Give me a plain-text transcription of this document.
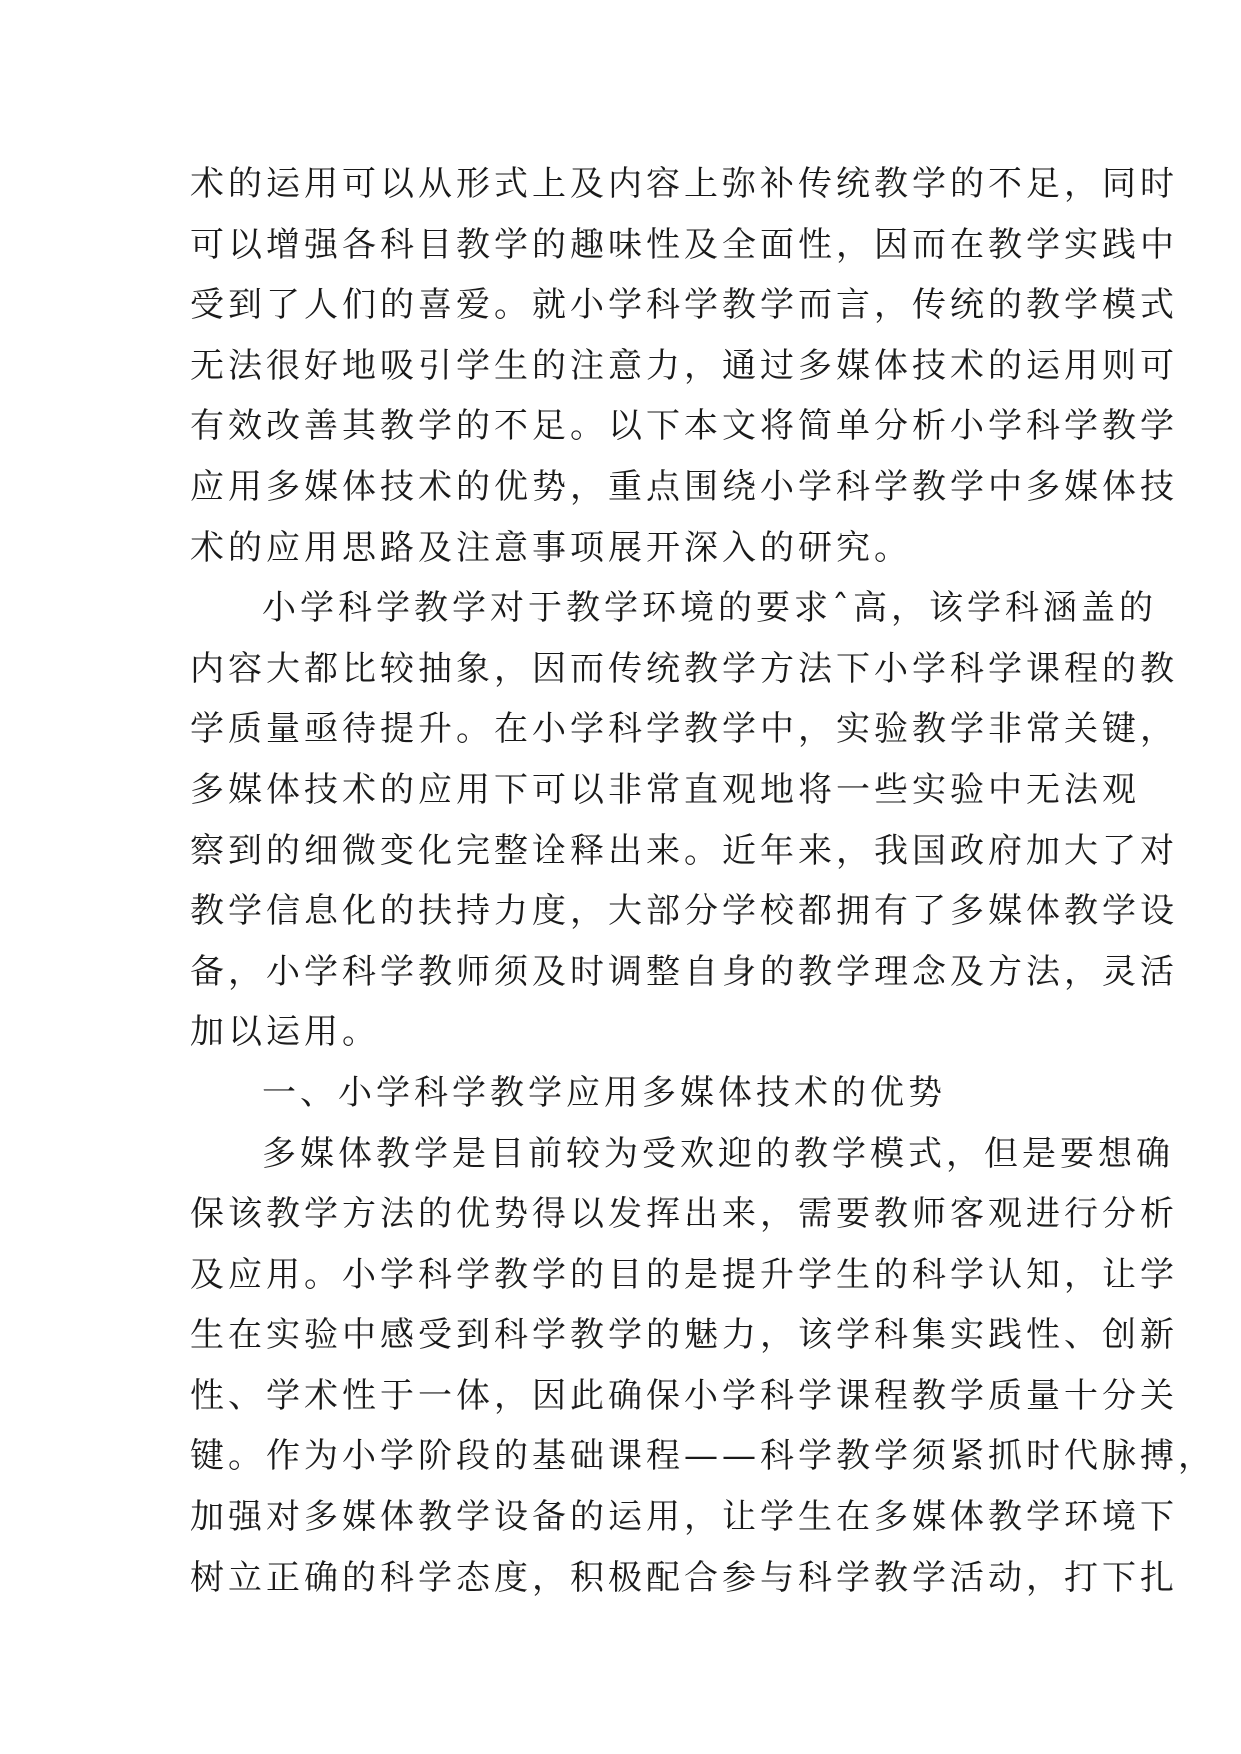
术的运用可以从形式上及内容上弥补传统教学的不足，同时
可以增强各科目教学的趣味性及全面性，因而在教学实践中
受到了人们的喜爱。就小学科学教学而言，传统的教学模式
无法很好地吸引学生的注意力，通过多媒体技术的运用则可
有效改善其教学的不足。以下本文将简单分析小学科学教学
应用多媒体技术的优势，重点围绕小学科学教学中多媒体技
术的应用思路及注意事项展开深入的研究。
小学科学教学对于教学环境的要求ˆ高，该学科涵盖的
内容大都比较抽象，因而传统教学方法下小学科学课程的教
学质量亟待提升。在小学科学教学中，实验教学非常关键，
多媒体技术的应用下可以非常直观地将一些实验中无法观
察到的细微变化完整诠释出来。近年来，我国政府加大了对
教学信息化的扶持力度，大部分学校都拥有了多媒体教学设
备，小学科学教师须及时调整自身的教学理念及方法，灵活
加以运用。
一、小学科学教学应用多媒体技术的优势
多媒体教学是目前较为受欢迎的教学模式，但是要想确
保该教学方法的优势得以发挥出来，需要教师客观进行分析
及应用。小学科学教学的目的是提升学生的科学认知，让学
生在实验中感受到科学教学的魅力，该学科集实践性、创新
性、学术性于一体，因此确保小学科学课程教学质量十分关
键。作为小学阶段的基础课程——科学教学须紧抓时代脉搏，
加强对多媒体教学设备的运用，让学生在多媒体教学环境下
树立正确的科学态度，积极配合参与科学教学活动，打下扎
